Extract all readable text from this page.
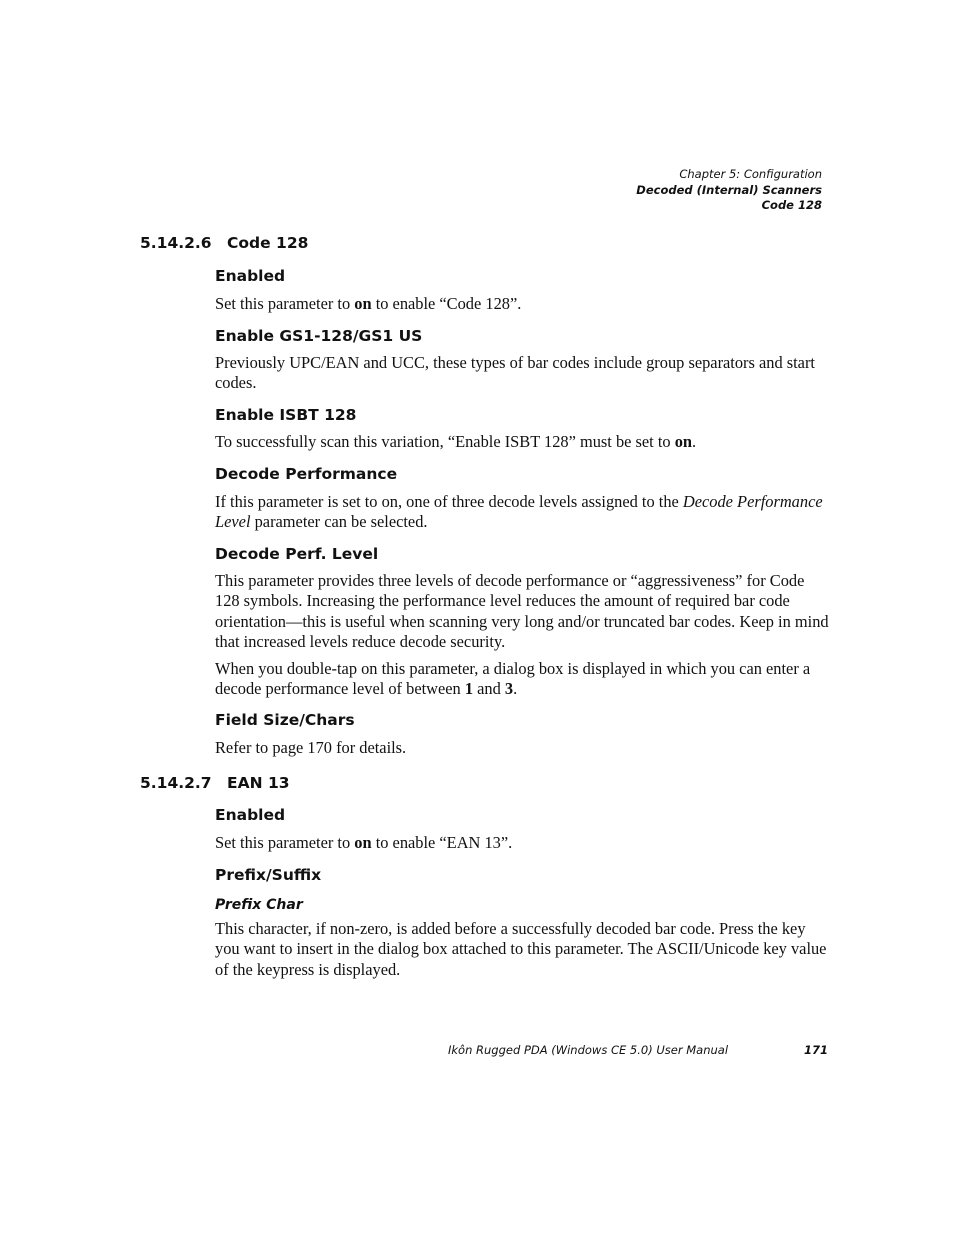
Chapter 5: Configuration
Decoded (Internal) Scanners
Code 128
5.14.2.6 Code 128
Enabled
Set this parameter to on to enable “Code 128”.
Enable GS1-128/GS1 US
Previously UPC/EAN and UCC, these types of bar codes include group separators and start codes.
Enable ISBT 128
To successfully scan this variation, “Enable ISBT 128” must be set to on.
Decode Performance
If this parameter is set to on, one of three decode levels assigned to the Decode Performance Level parameter can be selected.
Decode Perf. Level
This parameter provides three levels of decode performance or “aggressiveness” for Code 128 symbols. Increasing the performance level reduces the amount of required bar code orientation—this is useful when scanning very long and/or truncated bar codes. Keep in mind that increased levels reduce decode security.
When you double-tap on this parameter, a dialog box is displayed in which you can enter a decode performance level of between 1 and 3.
Field Size/Chars
Refer to page 170 for details.
5.14.2.7 EAN 13
Enabled
Set this parameter to on to enable “EAN 13”.
Prefix/Suffix
Prefix Char
This character, if non-zero, is added before a successfully decoded bar code. Press the key you want to insert in the dialog box attached to this parameter. The ASCII/Unicode key value of the keypress is displayed.
Ikôn Rugged PDA (Windows CE 5.0) User Manual	171
